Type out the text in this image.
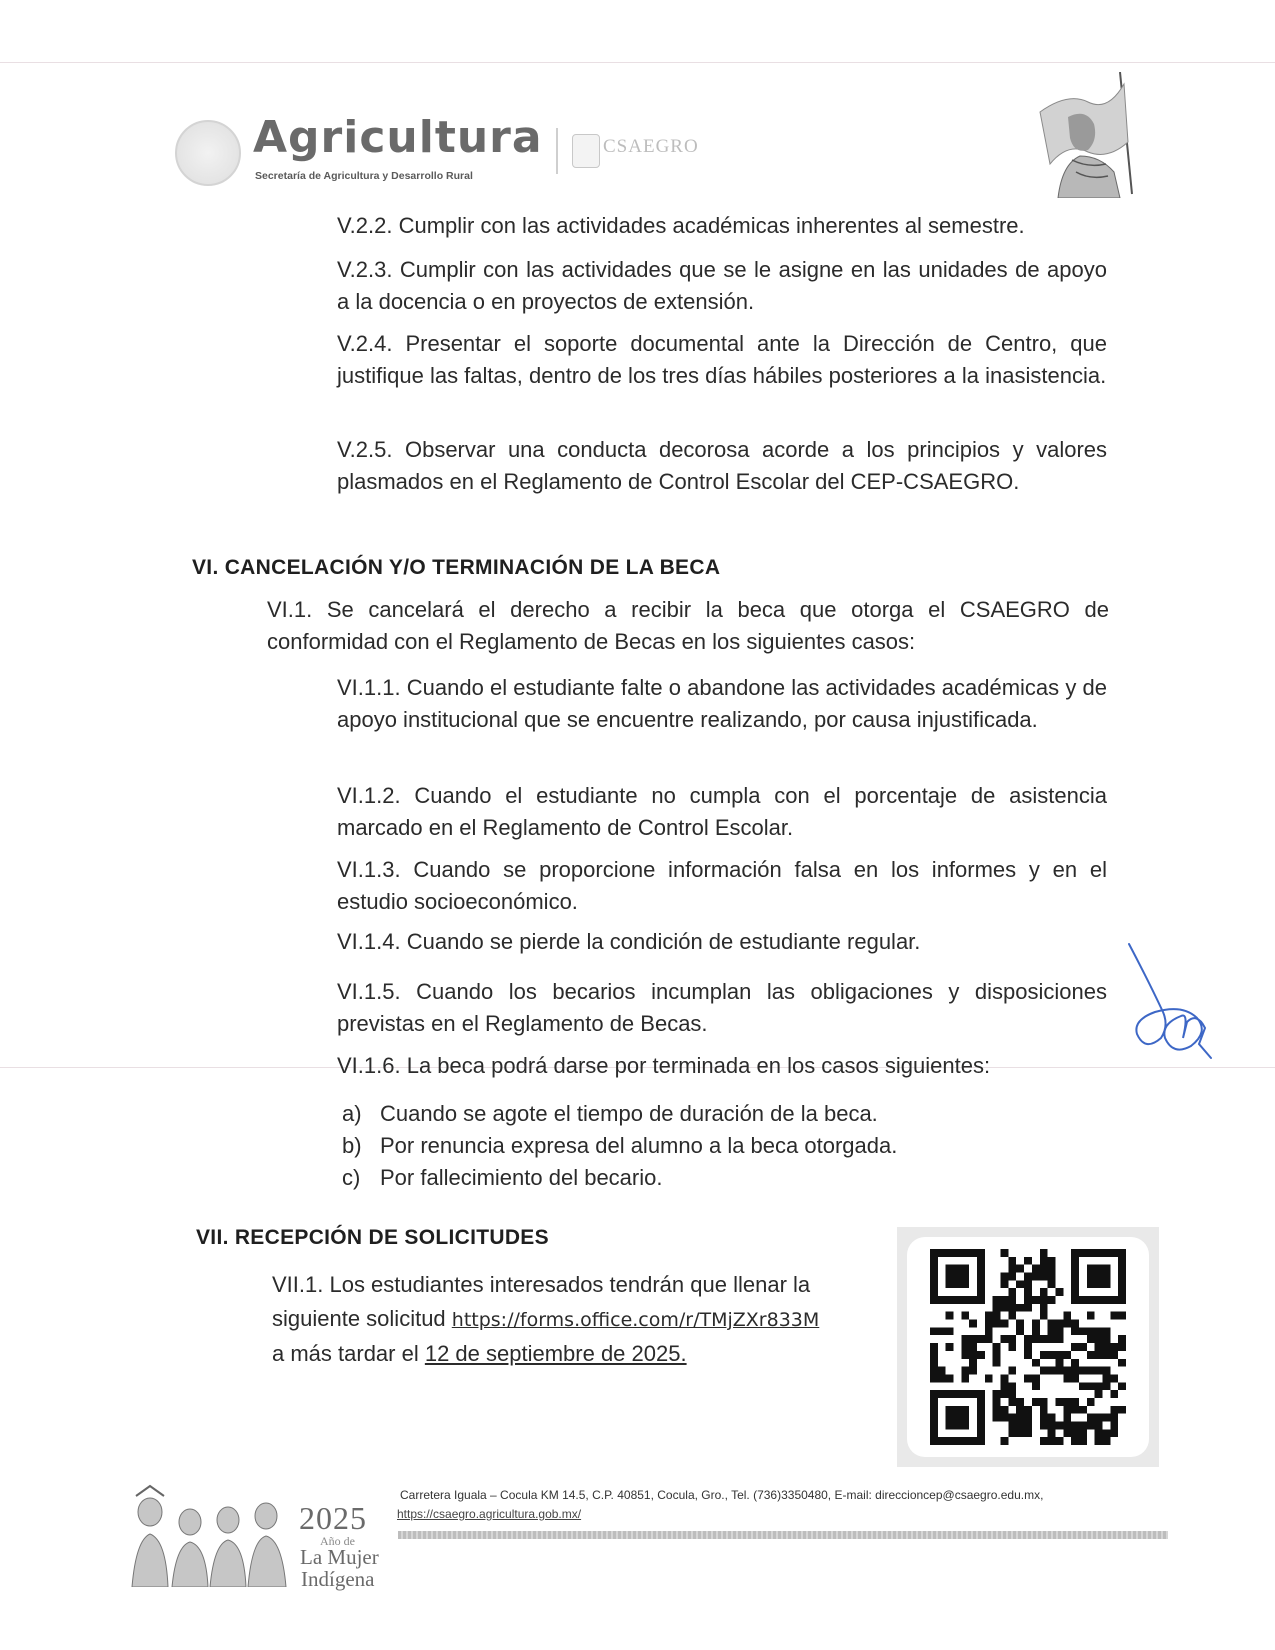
Agricultura
Secretaría de Agricultura y Desarrollo Rural
CSAEGRO
V.2.2. Cumplir con las actividades académicas inherentes al semestre.
V.2.3. Cumplir con las actividades que se le asigne en las unidades de apoyo a la docencia o en proyectos de extensión.
V.2.4. Presentar el soporte documental ante la Dirección de Centro, que justifique las faltas, dentro de los tres días hábiles posteriores a la inasistencia.
V.2.5. Observar una conducta decorosa acorde a los principios y valores plasmados en el Reglamento de Control Escolar del CEP-CSAEGRO.
VI. CANCELACIÓN Y/O TERMINACIÓN DE LA BECA
VI.1. Se cancelará el derecho a recibir la beca que otorga el CSAEGRO de conformidad con el Reglamento de Becas en los siguientes casos:
VI.1.1. Cuando el estudiante falte o abandone las actividades académicas y de apoyo institucional que se encuentre realizando, por causa injustificada.
VI.1.2. Cuando el estudiante no cumpla con el porcentaje de asistencia marcado en el Reglamento de Control Escolar.
VI.1.3. Cuando se proporcione información falsa en los informes y en el estudio socioeconómico.
VI.1.4. Cuando se pierde la condición de estudiante regular.
VI.1.5. Cuando los becarios incumplan las obligaciones y disposiciones previstas en el Reglamento de Becas.
VI.1.6. La beca podrá darse por terminada en los casos siguientes:
a) Cuando se agote el tiempo de duración de la beca.
b) Por renuncia expresa del alumno a la beca otorgada.
c) Por fallecimiento del becario.
VII. RECEPCIÓN DE SOLICITUDES
VII.1. Los estudiantes interesados tendrán que llenar la
siguiente solicitud https://forms.office.com/r/TMjZXr833M
a más tardar el 12 de septiembre de 2025.
2025
Año de
La Mujer
Indígena
Carretera Iguala – Cocula KM 14.5, C.P. 40851, Cocula, Gro., Tel. (736)3350480, E-mail: direccioncep@csaegro.edu.mx,
https://csaegro.agricultura.gob.mx/
